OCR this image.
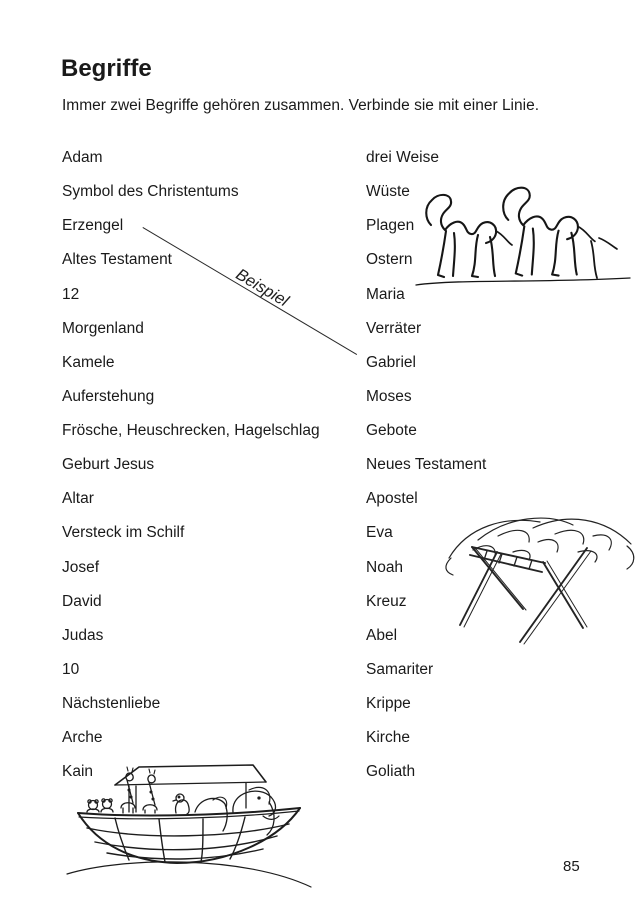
Begriffe
Immer zwei Begriffe gehören zusammen. Verbinde sie mit einer Linie.
Adam
Symbol des Christentums
Erzengel
Altes Testament
12
Morgenland
Kamele
Auferstehung
Frösche, Heuschrecken, Hagelschlag
Geburt Jesus
Altar
Versteck im Schilf
Josef
David
Judas
10
Nächstenliebe
Arche
Kain
drei Weise
Wüste
Plagen
Ostern
Maria
Verräter
Gabriel
Moses
Gebote
Neues Testament
Apostel
Eva
Noah
Kreuz
Abel
Samariter
Krippe
Kirche
Goliath
Beispiel
85
